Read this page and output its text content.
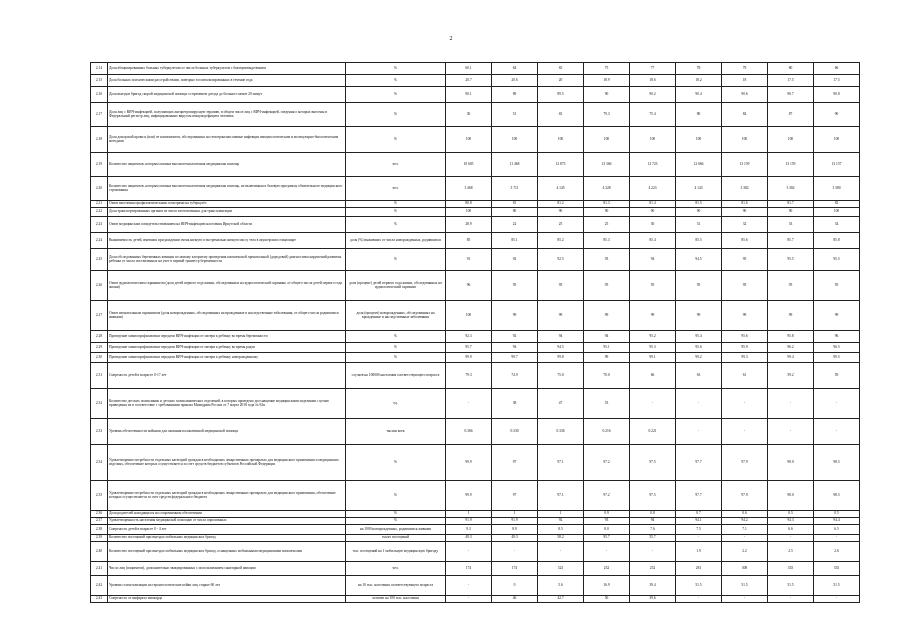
2
2.14	Доля абацилированных больных туберкулезом от числа больных туберкулезом с бактериовыделением	%	60.1	64	65	75	77	78	79	80	66
2.15	Доля больных психическими расстройствами, повторно госпитализированных в течение года	%	20.7	20.6	20	18.9	18.6	18.2	18	17.5	17.5
2.16	Доля выездов бригад скорой медицинской помощи со временем доезда до больного менее 20 минут	%	90.1	89	89.5	90	90.2	90.4	90.6	90.7	90.8
2.17	Доля лиц с ВИЧ-инфекцией, получающих антиретровирусную терапию, в общем числе лиц с ВИЧ-инфекцией, сведения о которых внесены в Федеральный регистр лиц, инфицированных вирусом иммунодефицита человека	%	30	51	65	79.3	75.4	80	84	87	90
2.18	Доля донорской крови и (или) ее компонентов, обследованных на гемотрансмиссивные инфекции иммунологическим и молекулярно-биологическим методами	%	100	100	100	100	100	100	100	100	100
2.19	Количество пациентов, которым оказана высокотехнологичная медицинская помощь	чел.	10 605	11 468	12 873	13 366	12 723	12 666	13 159	13 159	13 157
2.20	Количество пациентов, которым оказана высокотехнологичная медицинская помощь, не включенная в базовую программу обязательного медицинского страхования	чел.	3 468	3 711	4 145	4 328	4 223	4 143	3 382	3 382	3 380
2.21	Охват населения профилактическими осмотрами на туберкулёз	%	80.8	81	81.2	81.3	81.4	81.5	81.6	81.7	82
2.22	Доля транспортированных органов из числа заготовленных для трансплантации	%	100	80	90	90	90	90	90	90	100
2.23	Охват медицинским освидетельствованием на ВИЧ-инфекцию населения Иркутской области	%	28.9	22	25	25	30	31	32	33	34
2.24	Выживаемость детей, имевших при рождении очень низкую и экстремально низкую массу тела в акушерском стационаре	доля (%) выживших от числа новорожденных, родившихся	85	85.1	85.2	85.3	85.4	85.5	85.6	85.7	85.8
2.25	Доля обследованных беременных женщин по новому алгоритму проведения комплексной пренатальной (дородовой) диагностики нарушений развития ребенка от числа поставленных на учет в первый триместр беременности	%	91	92	92.5	93	94	94.5	95	95.5	95.5
2.26	Охват аудиологическим скринингом (доля детей первого года жизни, обследованных на аудиологический скрининг, от общего числа детей первого года жизни)	доля (процент) детей первого года жизни, обследованных на аудиологический скрининг	96	95	95	95	95	95	95	95	95
2.27	Охват неонатальным скринингом (доля новорожденных, обследованных на врожденные и наследственные заболевания, от общего числа родившихся живыми)	доля (процент) новорожденных, обследованных на врожденные и наследственные заболевания	100	99	99	99	99	99	99	99	99
2.28	Проведение химиопрофилактики передачи ВИЧ-инфекции от матери к ребенку во время беременности	%	92.3	92	94	94	95.2	95.4	95.6	95.8	96
2.29	Проведение химиопрофилактики передачи ВИЧ-инфекции от матери к ребенку во время родов	%	95.7	94	94.5	95.1	95.3	95.6	95.9	96.2	96.5
2.30	Проведение химиопрофилактики передачи ВИЧ-инфекции от матери к ребенку новорожденному	%	99.9	99.7	99.8	99	99.1	99.2	99.3	99.4	99.5
2.31	Смертность детей в возрасте 0-17 лет	случаев на 100000 населения соответствующего возраста	79.3	74.9	75.0	70.0	66	63	61	59.2	59
2.32	Количество детских поликлиник и детских поликлинических отделений, в которых проведено дооснащение медицинскими изделиями с целью приведения их в соответствие с требованиями приказа Минздрава России от 7 марта 2018 года № 92н	ед.	-	38	47	53	-	-	-	-	-
2.33	Уровень обеспеченности койками для оказания паллиативной медицинской помощи	тысяча коек	0.366	0.330	0.336	0.216	0.221	-	-	-	-
2.34	Удовлетворение потребности отдельных категорий граждан в необходимых лекарственных препаратах для медицинского применения и медицинских изделиях, обеспечение которых осуществляется за счет средств бюджетов субъектов Российской Федерации	%	99.9	97	97.1	97.2	97.5	97.7	97.9	98.0	98.5
2.35	Удовлетворение потребности отдельных категорий граждан в необходимых лекарственных препаратах для медицинского применения, обеспечение которых осуществляется за счет средств федерального бюджета	%	99.9	97	97.1	97.2	97.5	97.7	97.9	98.0	98.5
2.36	Доля родителей находящихся на сопрочненном обеспечении	%	1	1	1	0.9	0.8	0.7	0.6	0.5	0.5
2.37	Удовлетворенность населения медицинской помощью от числа опрошенных	%	91.9	91.9	92	93	94	94.1	94.2	94.3	94.4
2.38	Смертность детей в возрасте 0 - 4 лет	на 1000 новорожденных, родившихся живыми	9.3	8.9	8.5	8.0	7.6	7.5	7.1	6.6	6.5
2.39	Количество посещений при выездах мобильных медицинских бригад	тысяч посещений	49.3	49.3	58.2	95.7	55.7	-	-	-	-
2.40	Количество посещений при выездах мобильных медицинских бригад, оснащенных мобильными медицинскими комплексами	тыс. посещений на 1 мобильную медицинскую бригаду	-	-	-	-	-	1.9	2.2	2.5	2.6
2.41	Число лиц (пациентов), дополнительно эвакуированных с использованием санитарной авиации	чел.	174	174	323	232	252	281	308	335	335
2.42	Уровень госпитализации на геронтологические койки лиц старше 60 лет	на 10 тыс. населения соответствующего возраста	-	0	5.6	16.9	39.4	51.5	51.5	51.5	51.5
2.43	Смертность от инфаркта миокарда	человек на 100 тыс. населения	-	46	42.7	56	39.6	-	-	-	-
